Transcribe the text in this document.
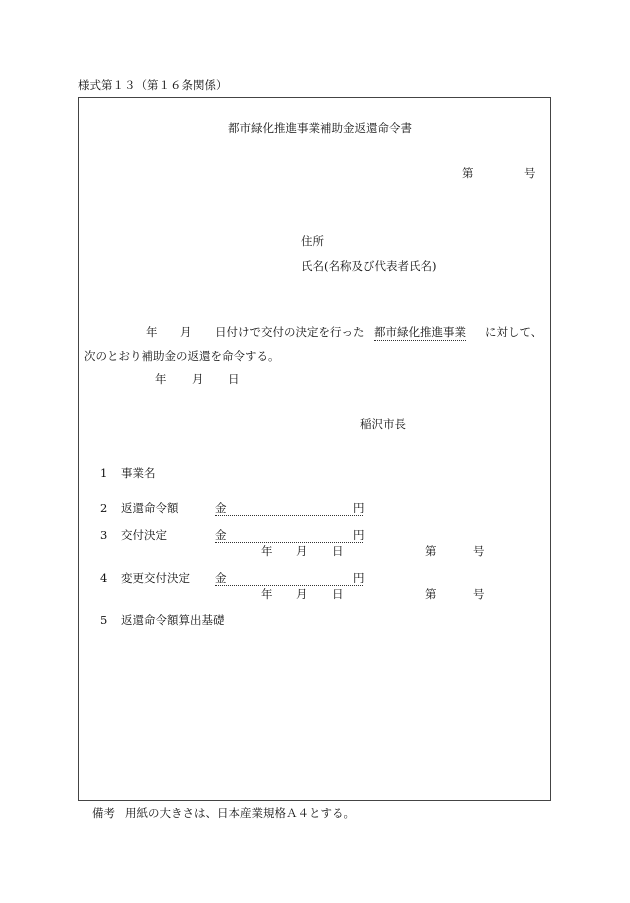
様式第１３（第１６条関係）
都市緑化推進事業補助金返還命令書
第	号
住所
氏名(名称及び代表者氏名)
年 月 日付けで交付の決定を行った 都市緑化推進事業 に対して、
次のとおり補助金の返還を命令する。
年 月 日
稲沢市長
1 事業名
2 返還命令額	金	円
3 交付決定	金	円
年 月 日	第	号
4 変更交付決定 金	円
年 月 日	第	号
5 返還命令額算出基礎
備考 用紙の大きさは、日本産業規格Ａ４とする。
